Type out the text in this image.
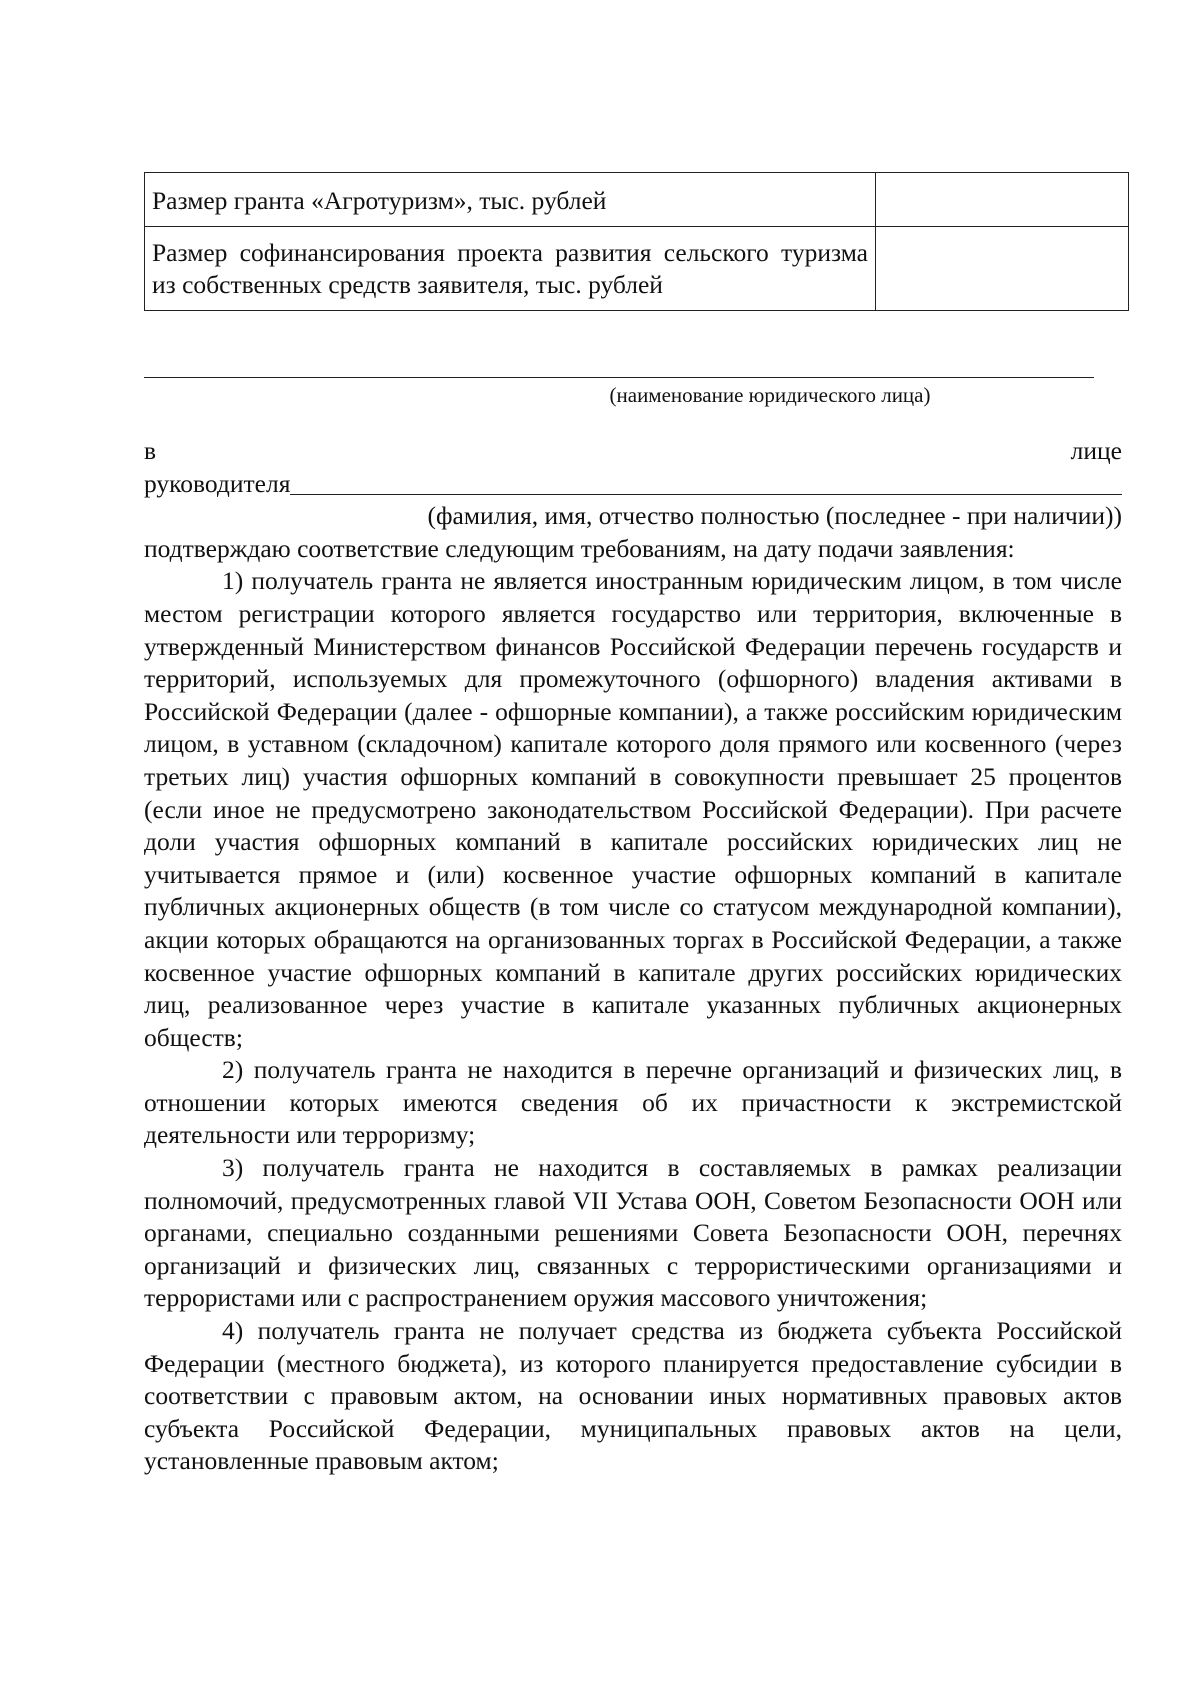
Размер гранта «Агротуризм», тыс. рублей	
Размер софинансирования проекта развития сельского туризма из собственных средств заявителя, тыс. рублей	
(наименование юридического лица)
в	лице
руководителя
(фамилия, имя, отчество полностью (последнее - при наличии))

подтверждаю соответствие следующим требованиям, на дату подачи заявления:

1) получатель гранта не является иностранным юридическим лицом, в том числе местом регистрации которого является государство или территория, включенные в утвержденный Министерством финансов Российской Федерации перечень государств и территорий, используемых для промежуточного (офшорного) владения активами в Российской Федерации (далее - офшорные компании), а также российским юридическим лицом, в уставном (складочном) капитале которого доля прямого или косвенного (через третьих лиц) участия офшорных компаний в совокупности превышает 25 процентов (если иное не предусмотрено законодательством Российской Федерации). При расчете доли участия офшорных компаний в капитале российских юридических лиц не учитывается прямое и (или) косвенное участие офшорных компаний в капитале публичных акционерных обществ (в том числе со статусом международной компании), акции которых обращаются на организованных торгах в Российской Федерации, а также косвенное участие офшорных компаний в капитале других российских юридических лиц, реализованное через участие в капитале указанных публичных акционерных обществ;

2) получатель гранта не находится в перечне организаций и физических лиц, в отношении которых имеются сведения об их причастности к экстремистской деятельности или терроризму;

3) получатель гранта не находится в составляемых в рамках реализации полномочий, предусмотренных главой VII Устава ООН, Советом Безопасности ООН или органами, специально созданными решениями Совета Безопасности ООН, перечнях организаций и физических лиц, связанных с террористическими организациями и террористами или с распространением оружия массового уничтожения;

4) получатель гранта не получает средства из бюджета субъекта Российской Федерации (местного бюджета), из которого планируется предоставление субсидии в соответствии с правовым актом, на основании иных нормативных правовых актов субъекта Российской Федерации, муниципальных правовых актов на цели, установленные правовым актом;
